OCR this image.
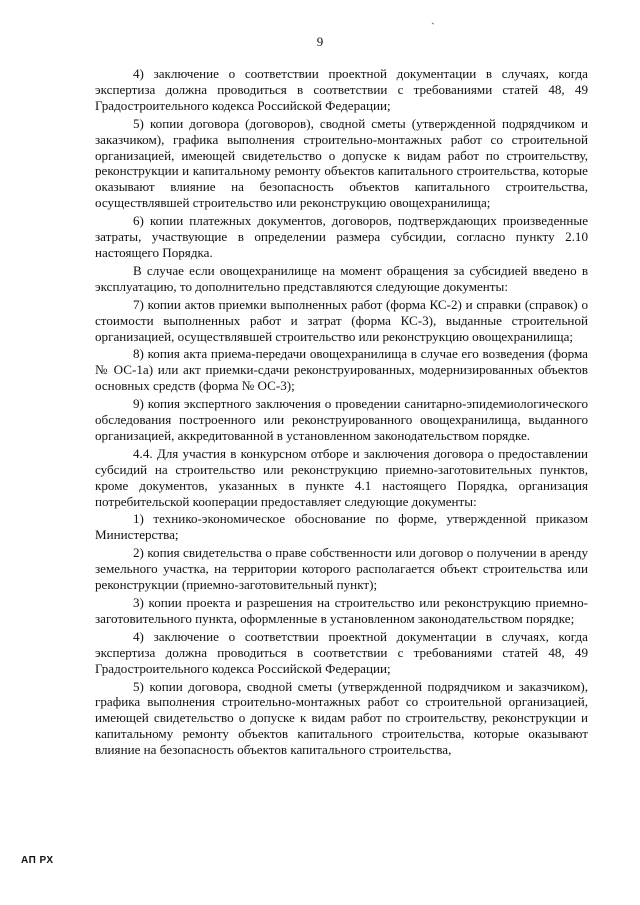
`
9

4) заключение о соответствии проектной документации в случаях, когда экспертиза должна проводиться в соответствии с требованиями статей 48, 49 Градостроительного кодекса Российской Федерации;

5) копии договора (договоров), сводной сметы (утвержденной подрядчиком и заказчиком), графика выполнения строительно-монтажных работ со строительной организацией, имеющей свидетельство о допуске к видам работ по строительству, реконструкции и капитальному ремонту объектов капитального строительства, которые оказывают влияние на безопасность объектов капитального строительства, осуществлявшей строительство или реконструкцию овощехранилища;

6) копии платежных документов, договоров, подтверждающих произведенные затраты, участвующие в определении размера субсидии, согласно пункту 2.10 настоящего Порядка.

В случае если овощехранилище на момент обращения за субсидией введено в эксплуатацию, то дополнительно представляются следующие документы:

7) копии актов приемки выполненных работ (форма КС-2) и справки (справок) о стоимости выполненных работ и затрат (форма КС-3), выданные строительной организацией, осуществлявшей строительство или реконструкцию овощехранилища;

8) копия акта приема-передачи овощехранилища в случае его возведения (форма № ОС-1а) или акт приемки-сдачи реконструированных, модернизированных объектов основных средств (форма № ОС-3);

9) копия экспертного заключения о проведении санитарно-эпидемиологического обследования построенного или реконструированного овощехранилища, выданного организацией, аккредитованной в установленном законодательством порядке.

4.4. Для участия в конкурсном отборе и заключения договора о предоставлении субсидий на строительство или реконструкцию приемно-заготовительных пунктов, кроме документов, указанных в пункте 4.1 настоящего Порядка, организация потребительской кооперации предоставляет следующие документы:

1) технико-экономическое обоснование по форме, утвержденной приказом Министерства;

2) копия свидетельства о праве собственности или договор о получении в аренду земельного участка, на территории которого располагается объект строительства или реконструкции (приемно-заготовительный пункт);

3) копии проекта и разрешения на строительство или реконструкцию приемно-заготовительного пункта, оформленные в установленном законодательством порядке;

4) заключение о соответствии проектной документации в случаях, когда экспертиза должна проводиться в соответствии с требованиями статей 48, 49 Градостроительного кодекса Российской Федерации;

5) копии договора, сводной сметы (утвержденной подрядчиком и заказчиком), графика выполнения строительно-монтажных работ со строительной организацией, имеющей свидетельство о допуске к видам работ по строительству, реконструкции и капитальному ремонту объектов капитального строительства, которые оказывают влияние на безопасность объектов капитального строительства,

АП РХ
